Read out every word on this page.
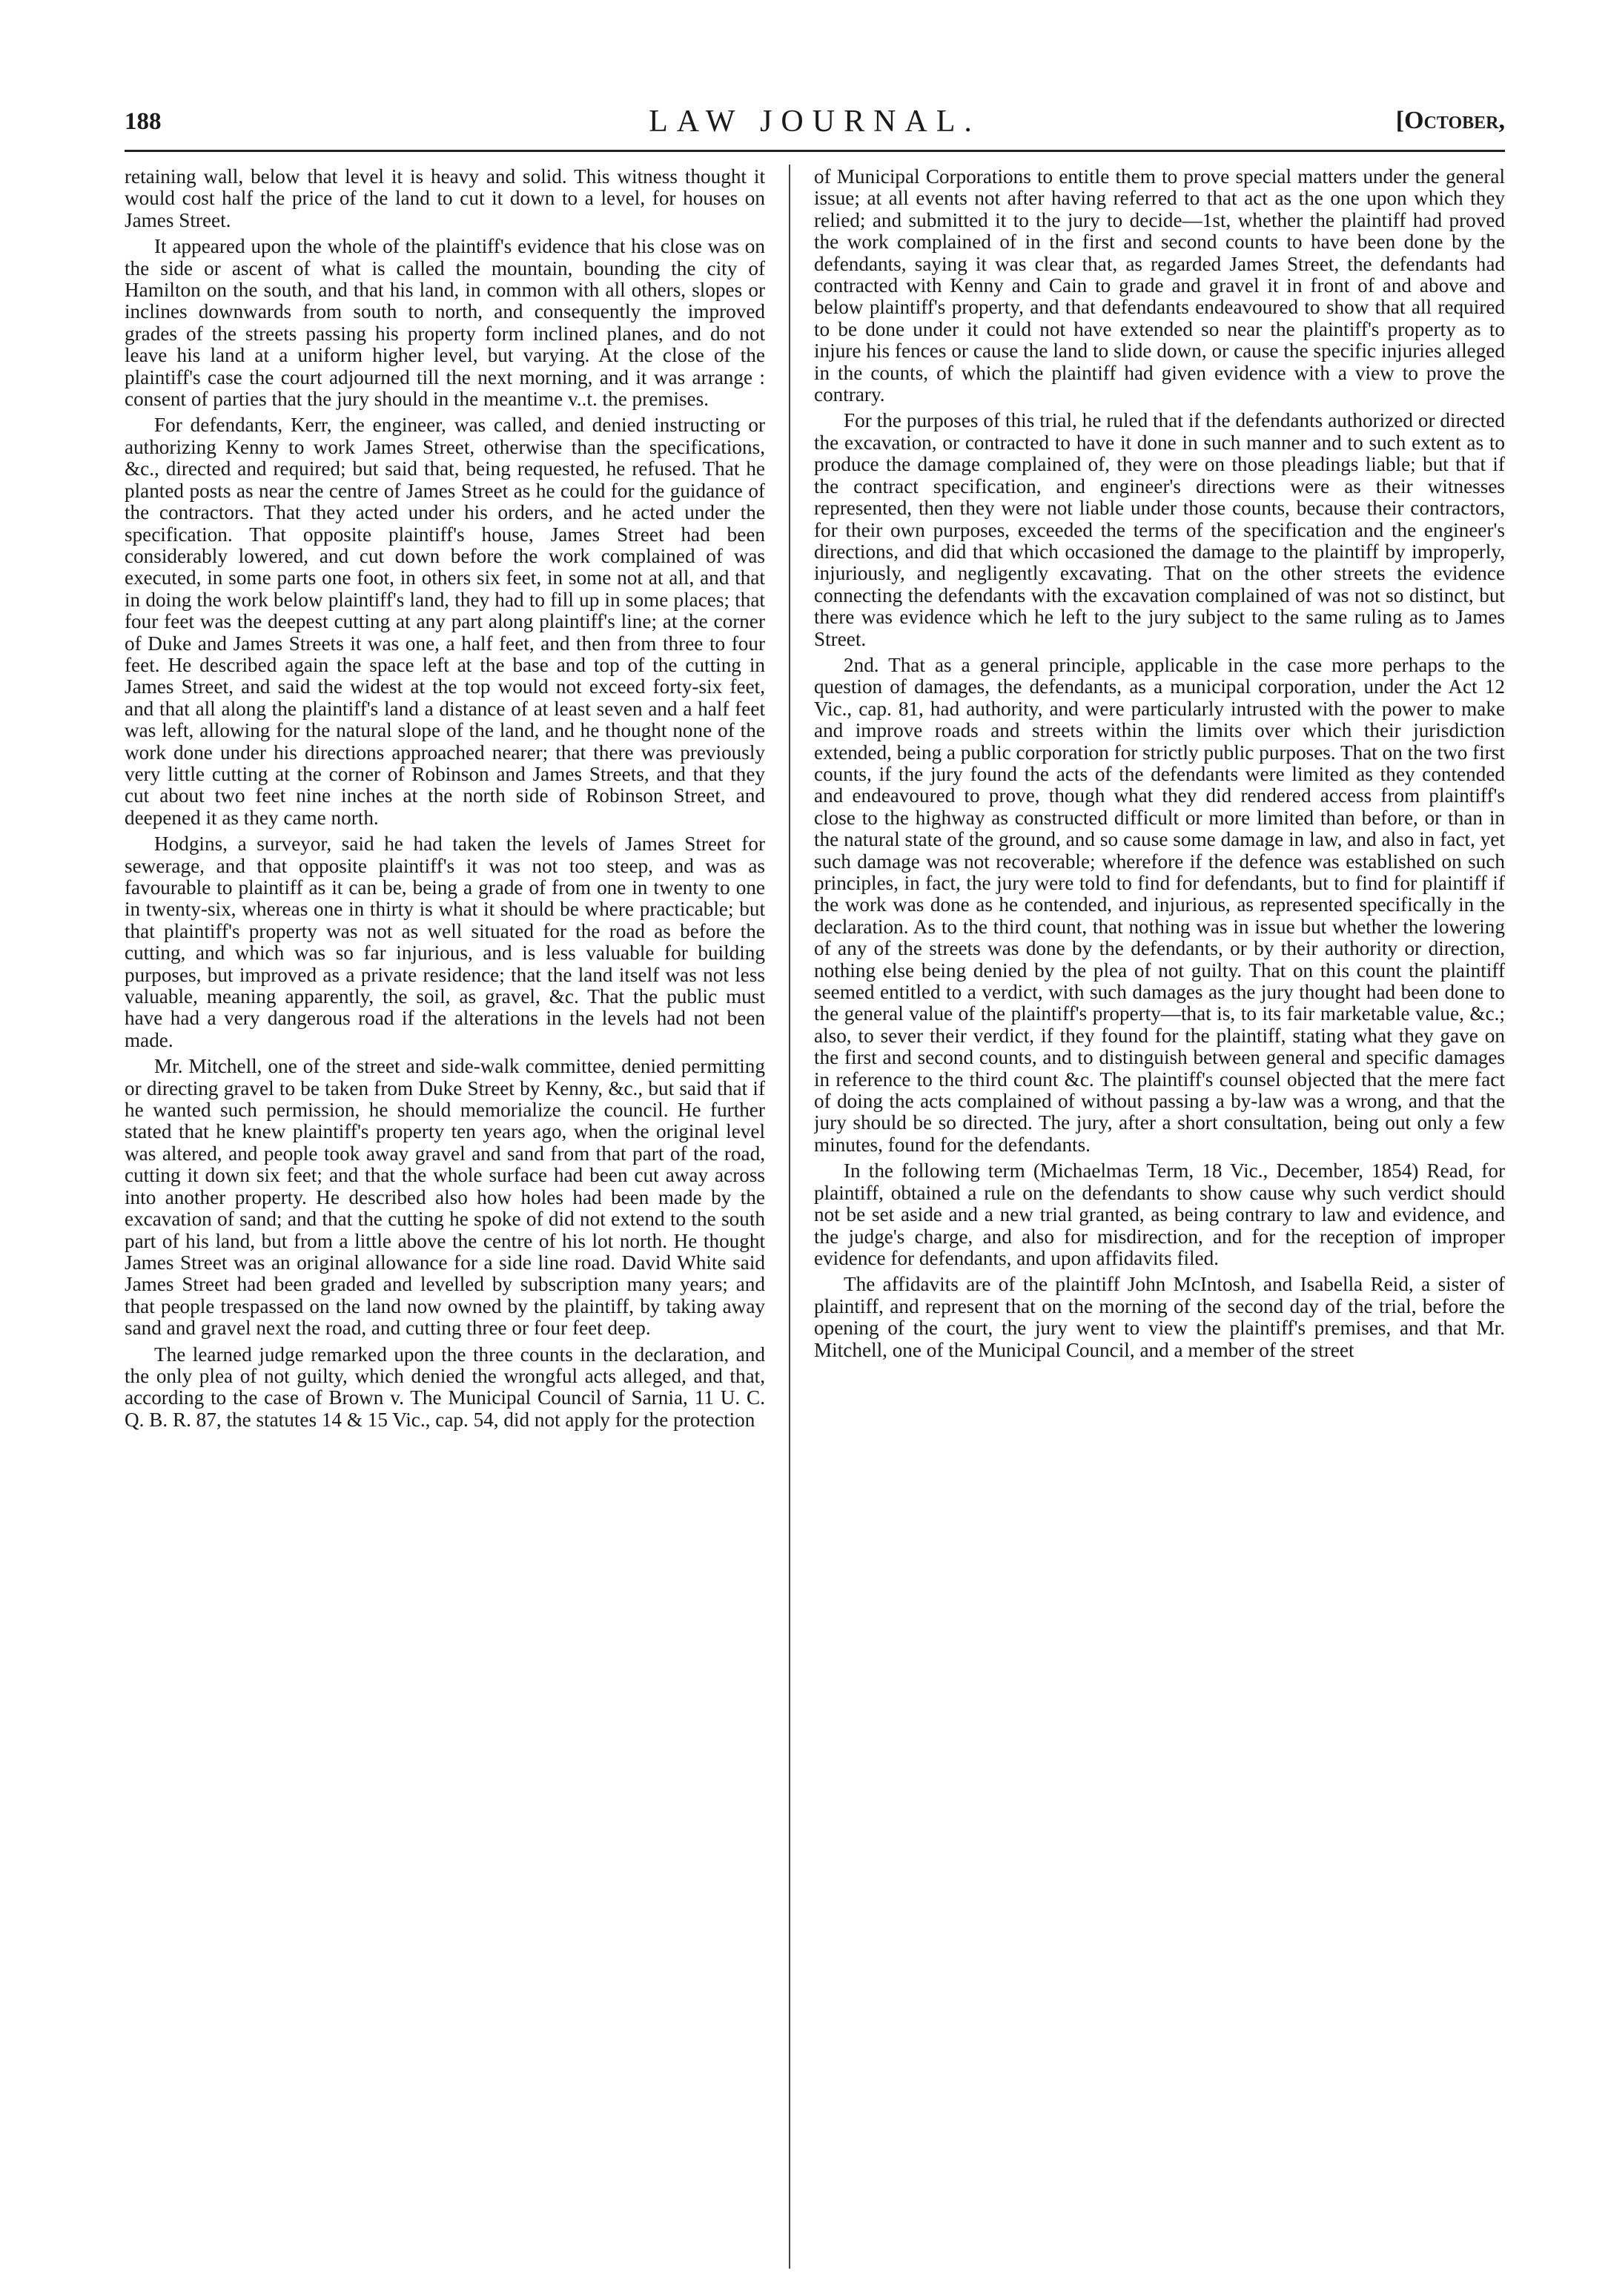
188	LAW JOURNAL.	[October,

retaining wall, below that level it is heavy and solid. This witness thought it would cost half the price of the land to cut it down to a level, for houses on James Street.

It appeared upon the whole of the plaintiff's evidence that his close was on the side or ascent of what is called the mountain, bounding the city of Hamilton on the south, and that his land, in common with all others, slopes or inclines downwards from south to north, and consequently the improved grades of the streets passing his property form inclined planes, and do not leave his land at a uniform higher level, but varying. At the close of the plaintiff's case the court adjourned till the next morning, and it was arrange : consent of parties that the jury should in the meantime v..t. the premises.

For defendants, Kerr, the engineer, was called, and denied instructing or authorizing Kenny to work James Street, otherwise than the specifications, &c., directed and required; but said that, being requested, he refused. That he planted posts as near the centre of James Street as he could for the guidance of the contractors. That they acted under his orders, and he acted under the specification. That opposite plaintiff's house, James Street had been considerably lowered, and cut down before the work complained of was executed, in some parts one foot, in others six feet, in some not at all, and that in doing the work below plaintiff's land, they had to fill up in some places; that four feet was the deepest cutting at any part along plaintiff's line; at the corner of Duke and James Streets it was one, a half feet, and then from three to four feet. He described again the space left at the base and top of the cutting in James Street, and said the widest at the top would not exceed forty-six feet, and that all along the plaintiff's land a distance of at least seven and a half feet was left, allowing for the natural slope of the land, and he thought none of the work done under his directions approached nearer; that there was previously very little cutting at the corner of Robinson and James Streets, and that they cut about two feet nine inches at the north side of Robinson Street, and deepened it as they came north.

Hodgins, a surveyor, said he had taken the levels of James Street for sewerage, and that opposite plaintiff's it was not too steep, and was as favourable to plaintiff as it can be, being a grade of from one in twenty to one in twenty-six, whereas one in thirty is what it should be where practicable; but that plaintiff's property was not as well situated for the road as before the cutting, and which was so far injurious, and is less valuable for building purposes, but improved as a private residence; that the land itself was not less valuable, meaning apparently, the soil, as gravel, &c. That the public must have had a very dangerous road if the alterations in the levels had not been made.

Mr. Mitchell, one of the street and side-walk committee, denied permitting or directing gravel to be taken from Duke Street by Kenny, &c., but said that if he wanted such permission, he should memorialize the council. He further stated that he knew plaintiff's property ten years ago, when the original level was altered, and people took away gravel and sand from that part of the road, cutting it down six feet; and that the whole surface had been cut away across into another property. He described also how holes had been made by the excavation of sand; and that the cutting he spoke of did not extend to the south part of his land, but from a little above the centre of his lot north. He thought James Street was an original allowance for a side line road. David White said James Street had been graded and levelled by subscription many years; and that people trespassed on the land now owned by the plaintiff, by taking away sand and gravel next the road, and cutting three or four feet deep.

The learned judge remarked upon the three counts in the declaration, and the only plea of not guilty, which denied the wrongful acts alleged, and that, according to the case of Brown v. The Municipal Council of Sarnia, 11 U. C. Q. B. R. 87, the statutes 14 & 15 Vic., cap. 54, did not apply for the protection

of Municipal Corporations to entitle them to prove special matters under the general issue; at all events not after having referred to that act as the one upon which they relied; and submitted it to the jury to decide—1st, whether the plaintiff had proved the work complained of in the first and second counts to have been done by the defendants, saying it was clear that, as regarded James Street, the defendants had contracted with Kenny and Cain to grade and gravel it in front of and above and below plaintiff's property, and that defendants endeavoured to show that all required to be done under it could not have extended so near the plaintiff's property as to injure his fences or cause the land to slide down, or cause the specific injuries alleged in the counts, of which the plaintiff had given evidence with a view to prove the contrary.

For the purposes of this trial, he ruled that if the defendants authorized or directed the excavation, or contracted to have it done in such manner and to such extent as to produce the damage complained of, they were on those pleadings liable; but that if the contract specification, and engineer's directions were as their witnesses represented, then they were not liable under those counts, because their contractors, for their own purposes, exceeded the terms of the specification and the engineer's directions, and did that which occasioned the damage to the plaintiff by improperly, injuriously, and negligently excavating. That on the other streets the evidence connecting the defendants with the excavation complained of was not so distinct, but there was evidence which he left to the jury subject to the same ruling as to James Street.

2nd. That as a general principle, applicable in the case more perhaps to the question of damages, the defendants, as a municipal corporation, under the Act 12 Vic., cap. 81, had authority, and were particularly intrusted with the power to make and improve roads and streets within the limits over which their jurisdiction extended, being a public corporation for strictly public purposes. That on the two first counts, if the jury found the acts of the defendants were limited as they contended and endeavoured to prove, though what they did rendered access from plaintiff's close to the highway as constructed difficult or more limited than before, or than in the natural state of the ground, and so cause some damage in law, and also in fact, yet such damage was not recoverable; wherefore if the defence was established on such principles, in fact, the jury were told to find for defendants, but to find for plaintiff if the work was done as he contended, and injurious, as represented specifically in the declaration. As to the third count, that nothing was in issue but whether the lowering of any of the streets was done by the defendants, or by their authority or direction, nothing else being denied by the plea of not guilty. That on this count the plaintiff seemed entitled to a verdict, with such damages as the jury thought had been done to the general value of the plaintiff's property—that is, to its fair marketable value, &c.; also, to sever their verdict, if they found for the plaintiff, stating what they gave on the first and second counts, and to distinguish between general and specific damages in reference to the third count &c. The plaintiff's counsel objected that the mere fact of doing the acts complained of without passing a by-law was a wrong, and that the jury should be so directed. The jury, after a short consultation, being out only a few minutes, found for the defendants.

In the following term (Michaelmas Term, 18 Vic., December, 1854) Read, for plaintiff, obtained a rule on the defendants to show cause why such verdict should not be set aside and a new trial granted, as being contrary to law and evidence, and the judge's charge, and also for misdirection, and for the reception of improper evidence for defendants, and upon affidavits filed.

The affidavits are of the plaintiff John McIntosh, and Isabella Reid, a sister of plaintiff, and represent that on the morning of the second day of the trial, before the opening of the court, the jury went to view the plaintiff's premises, and that Mr. Mitchell, one of the Municipal Council, and a member of the street
